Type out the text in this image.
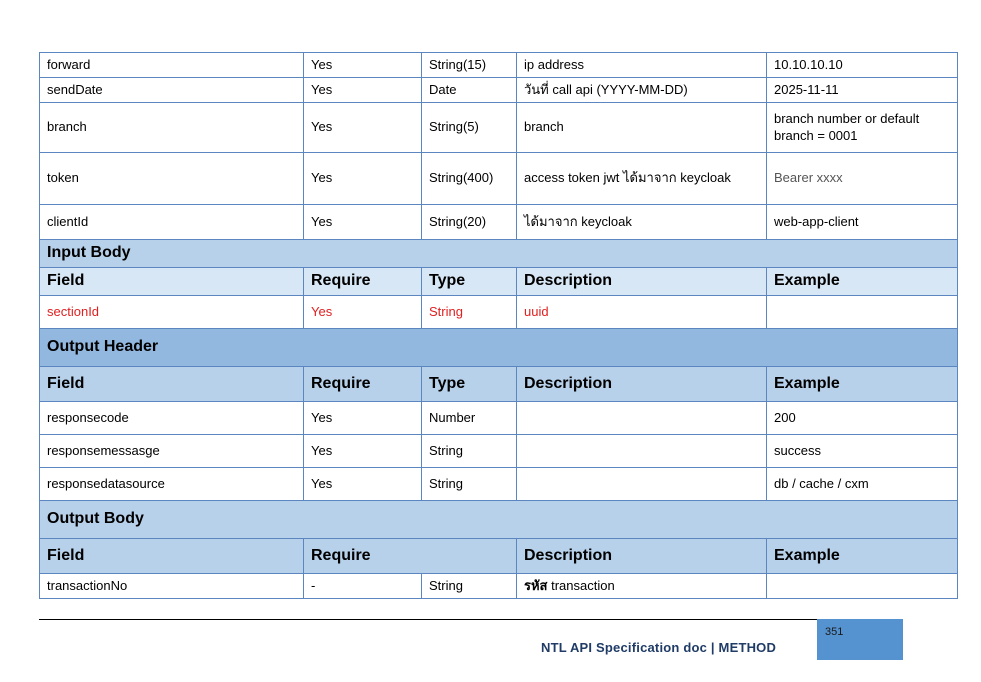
forward	Yes	String(15)	ip address	10.10.10.10
sendDate	Yes	Date	วันที่ call api (YYYY-MM-DD)	2025-11-11
branch	Yes	String(5)	branch	branch number or default branch = 0001
token	Yes	String(400)	access token jwt ได้มาจาก keycloak	Bearer xxxx
clientId	Yes	String(20)	ได้มาจาก keycloak	web-app-client
Input Body				
Field	Require	Type	Description	Example
sectionId	Yes	String	uuid	
Output Header				
Field	Require	Type	Description	Example
responsecode	Yes	Number		200
responsemessasge	Yes	String		success
responsedatasource	Yes	String		db / cache / cxm
Output Body				
Field	Require		Description	Example
transactionNo	-	String	รหัส transaction	
NTL API Specification doc | METHOD
351
